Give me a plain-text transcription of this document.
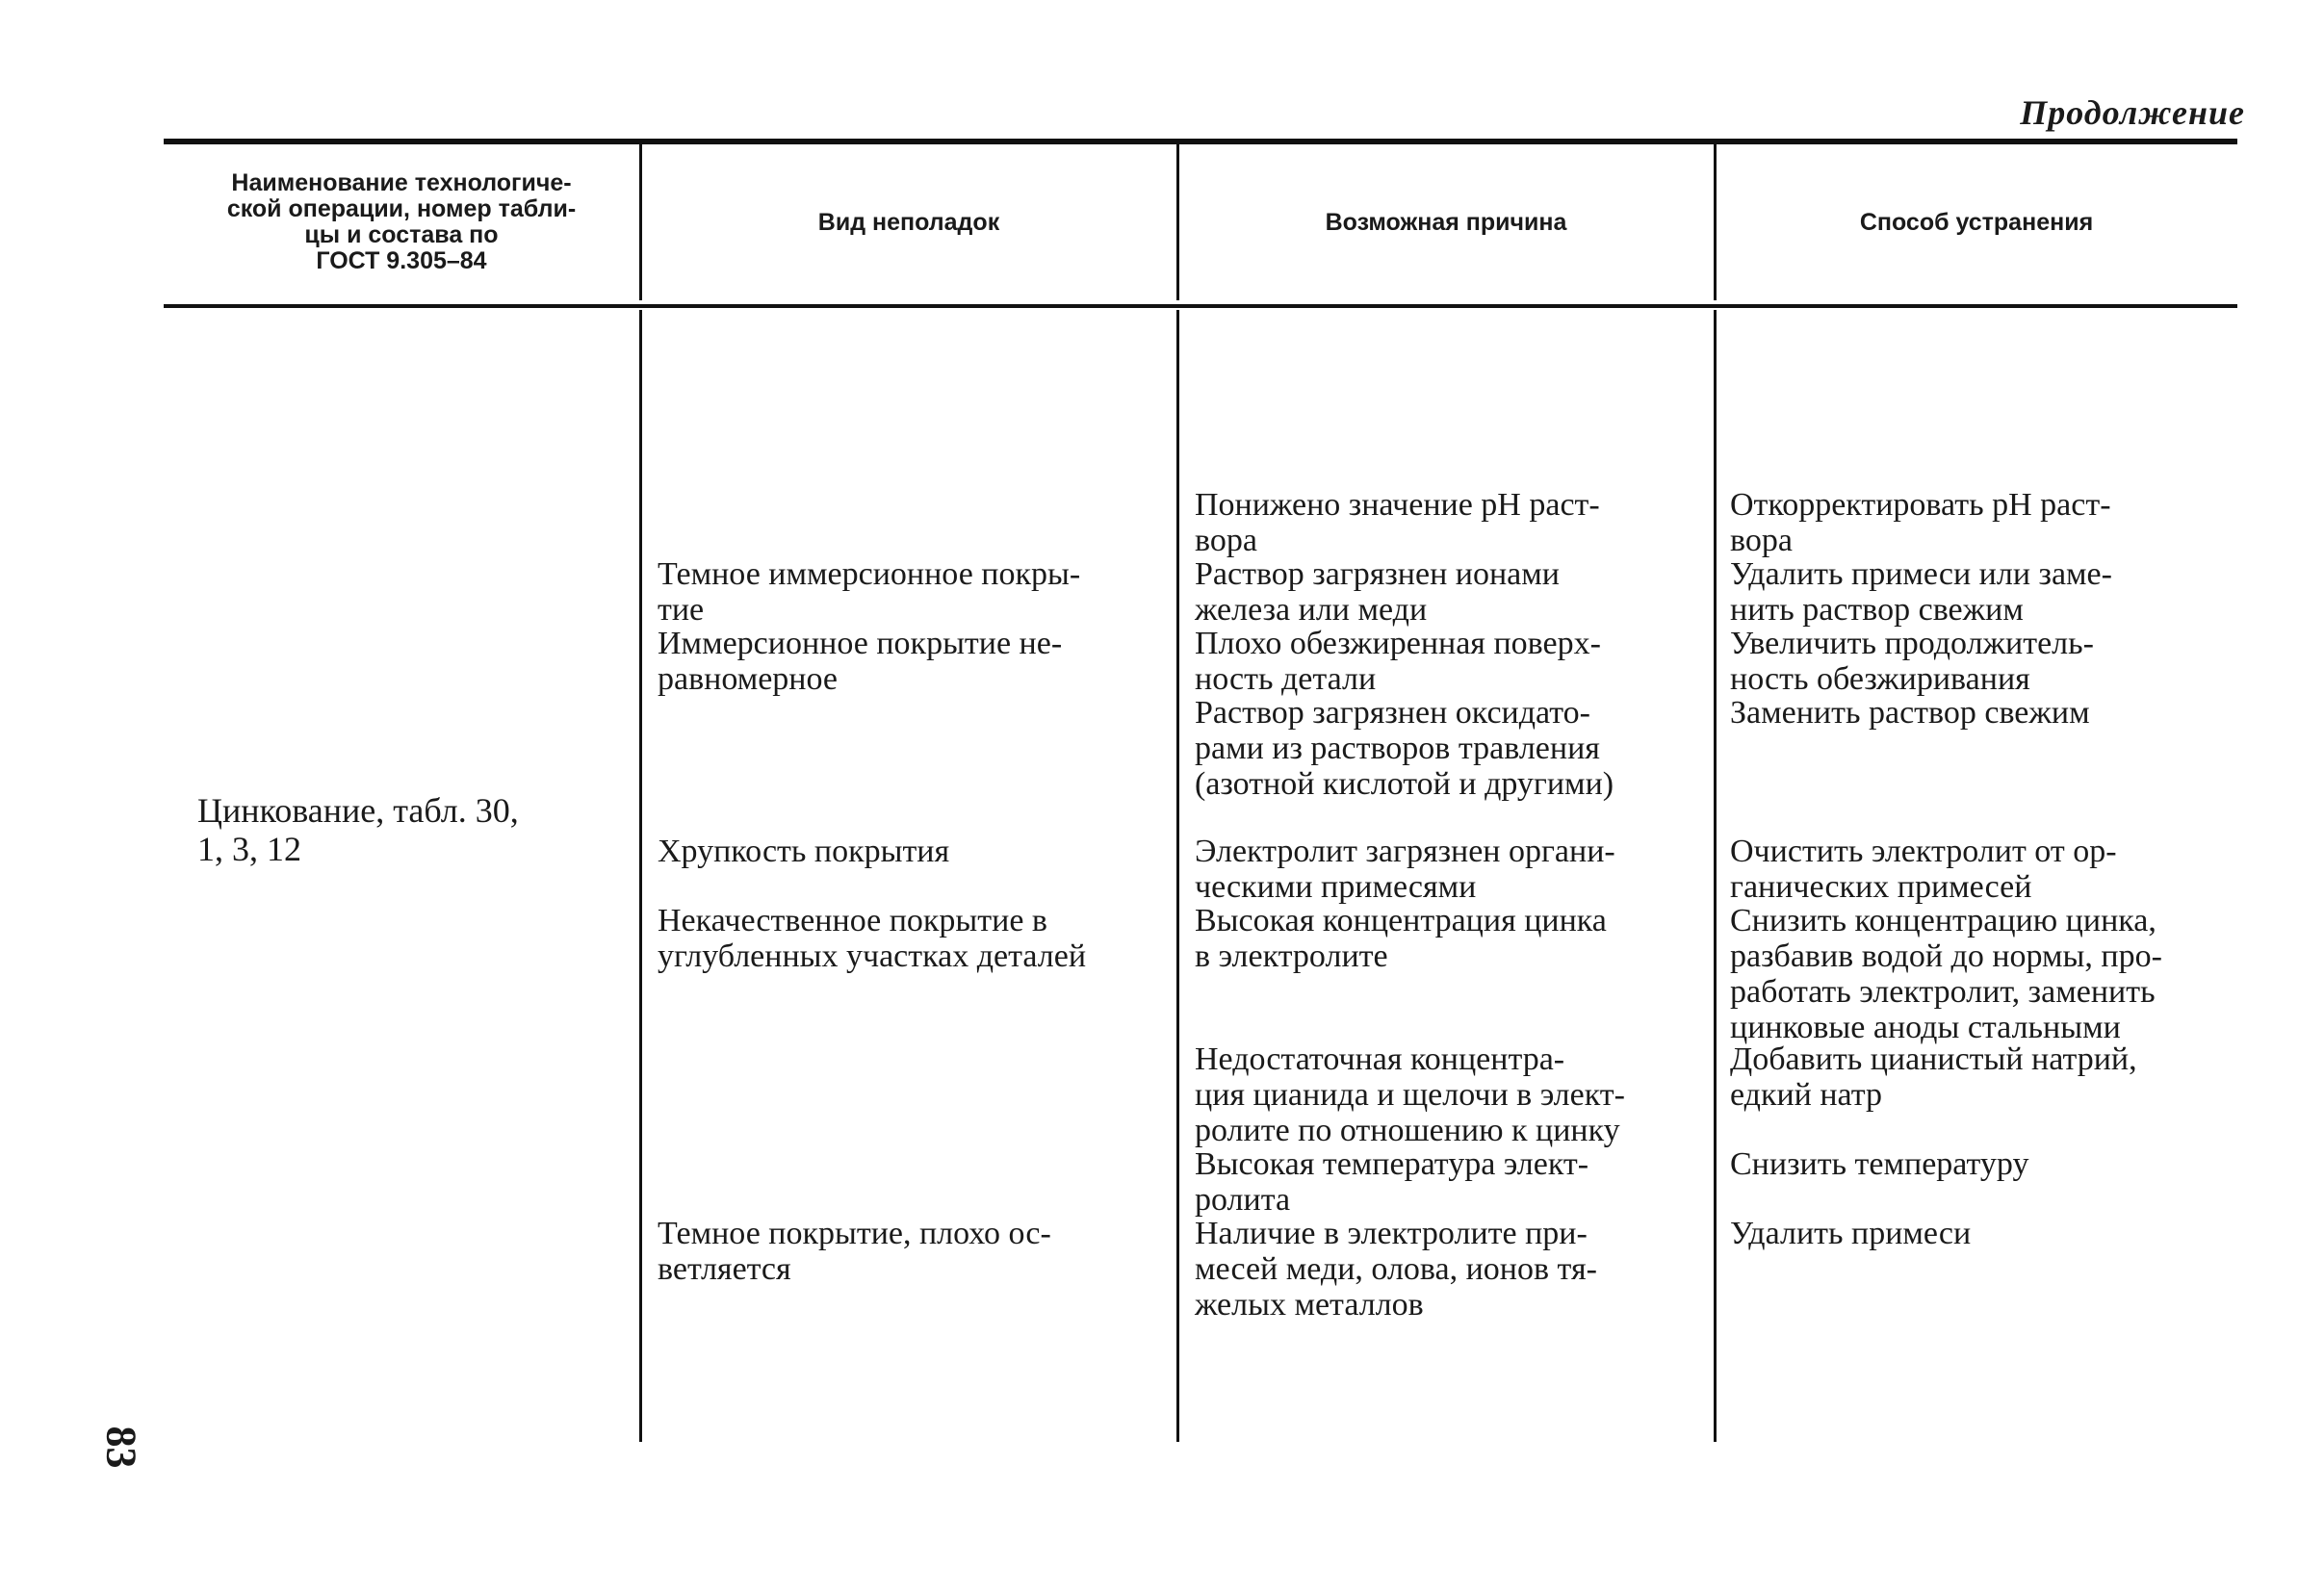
Продолжение
Наименование технологиче-
ской операции, номер табли-
цы и состава по
ГОСТ 9.305–84
Вид неполадок	Возможная причина	Способ устранения
Цинкование, табл. 30,
1, 3, 12
Темное иммерсионное покры-
тие
Иммерсионное покрытие не-
равномерное
Хрупкость покрытия
Некачественное покрытие в
углубленных участках деталей
Темное покрытие, плохо ос-
ветляется
Понижено значение pH раст-
вора
Раствор загрязнен ионами
железа или меди
Плохо обезжиренная поверх-
ность детали
Раствор загрязнен оксидато-
рами из растворов травления
(азотной кислотой и другими)
Электролит загрязнен органи-
ческими примесями
Высокая концентрация цинка
в электролите
Недостаточная концентра-
ция цианида и щелочи в элект-
ролите по отношению к цинку
Высокая температура элект-
ролита
Наличие в электролите при-
месей меди, олова, ионов тя-
желых металлов
Откорректировать pH раст-
вора
Удалить примеси или заме-
нить раствор свежим
Увеличить продолжитель-
ность обезжиривания
Заменить раствор свежим
Очистить электролит от ор-
ганических примесей
Снизить концентрацию цинка,
разбавив водой до нормы, про-
работать электролит, заменить
цинковые аноды стальными
Добавить цианистый натрий,
едкий натр
Снизить температуру
Удалить примеси
83
